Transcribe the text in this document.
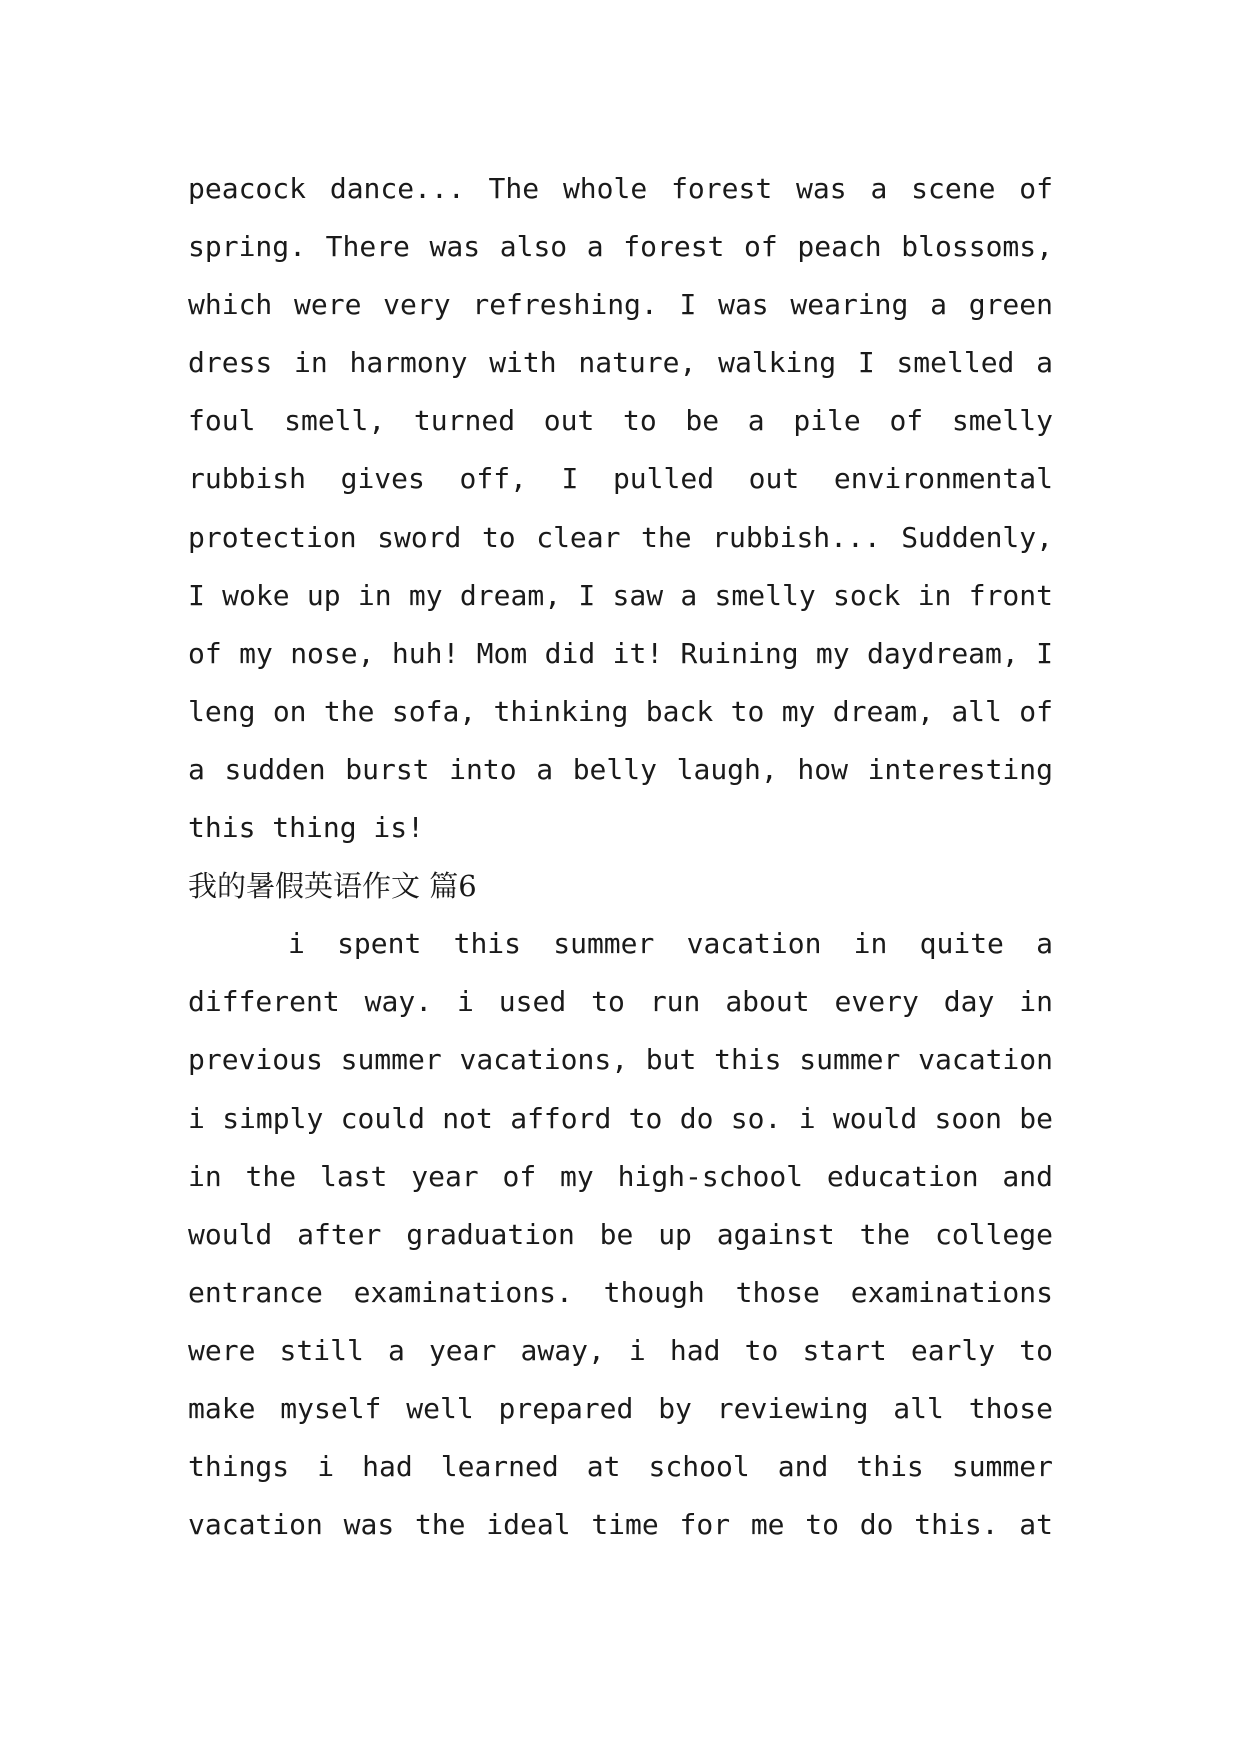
peacock dance... The whole forest was a scene of
spring. There was also a forest of peach blossoms,
which were very refreshing. I was wearing a green
dress in harmony with nature, walking I smelled a
foul smell, turned out to be a pile of smelly
rubbish gives off, I pulled out environmental
protection sword to clear the rubbish... Suddenly,
I woke up in my dream, I saw a smelly sock in front
of my nose, huh! Mom did it! Ruining my daydream, I
leng on the sofa, thinking back to my dream, all of
a sudden burst into a belly laugh, how interesting
this thing is!
我的暑假英语作文 篇6
i spent this summer vacation in quite a
different way. i used to run about every day in
previous summer vacations, but this summer vacation
i simply could not afford to do so. i would soon be
in the last year of my high-school education and
would after graduation be up against the college
entrance examinations. though those examinations
were still a year away, i had to start early to
make myself well prepared by reviewing all those
things i had learned at school and this summer
vacation was the ideal time for me to do this. at
